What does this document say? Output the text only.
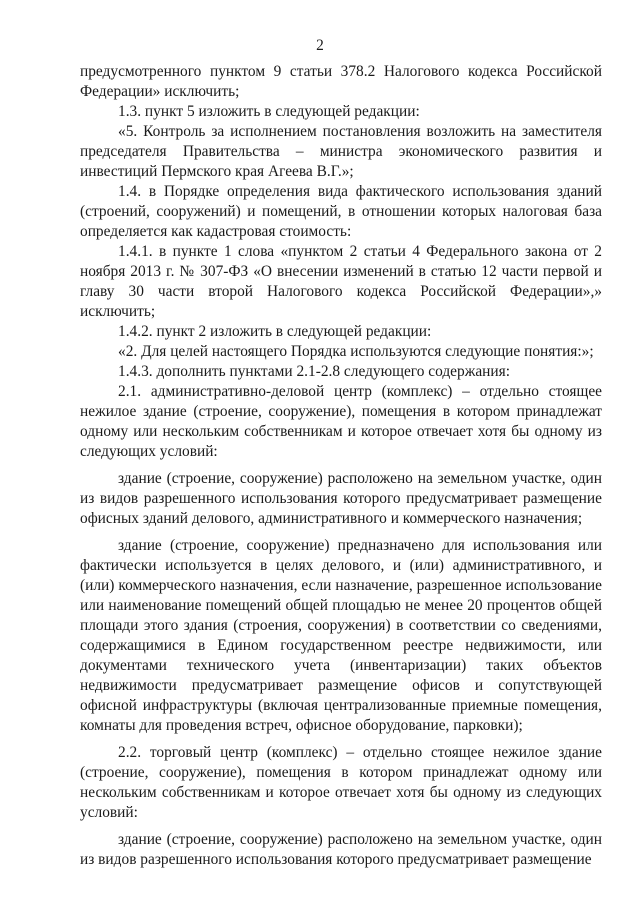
2

предусмотренного пунктом 9 статьи 378.2 Налогового кодекса Российской Федерации» исключить;

1.3. пункт 5 изложить в следующей редакции:

«5. Контроль за исполнением постановления возложить на заместителя председателя Правительства – министра экономического развития и инвестиций Пермского края Агеева В.Г.»;

1.4. в Порядке определения вида фактического использования зданий (строений, сооружений) и помещений, в отношении которых налоговая база определяется как кадастровая стоимость:

1.4.1. в пункте 1 слова «пунктом 2 статьи 4 Федерального закона от 2 ноября 2013 г. № 307-ФЗ «О внесении изменений в статью 12 части первой и главу 30 части второй Налогового кодекса Российской Федерации»,» исключить;

1.4.2. пункт 2 изложить в следующей редакции:

«2. Для целей настоящего Порядка используются следующие понятия:»;

1.4.3. дополнить пунктами 2.1-2.8 следующего содержания:

2.1. административно-деловой центр (комплекс) – отдельно стоящее нежилое здание (строение, сооружение), помещения в котором принадлежат одному или нескольким собственникам и которое отвечает хотя бы одному из следующих условий:

здание (строение, сооружение) расположено на земельном участке, один из видов разрешенного использования которого предусматривает размещение офисных зданий делового, административного и коммерческого назначения;

здание (строение, сооружение) предназначено для использования или фактически используется в целях делового, и (или) административного, и (или) коммерческого назначения, если назначение, разрешенное использование или наименование помещений общей площадью не менее 20 процентов общей площади этого здания (строения, сооружения) в соответствии со сведениями, содержащимися в Едином государственном реестре недвижимости, или документами технического учета (инвентаризации) таких объектов недвижимости предусматривает размещение офисов и сопутствующей офисной инфраструктуры (включая централизованные приемные помещения, комнаты для проведения встреч, офисное оборудование, парковки);

2.2. торговый центр (комплекс) – отдельно стоящее нежилое здание (строение, сооружение), помещения в котором принадлежат одному или нескольким собственникам и которое отвечает хотя бы одному из следующих условий:

здание (строение, сооружение) расположено на земельном участке, один из видов разрешенного использования которого предусматривает размещение
